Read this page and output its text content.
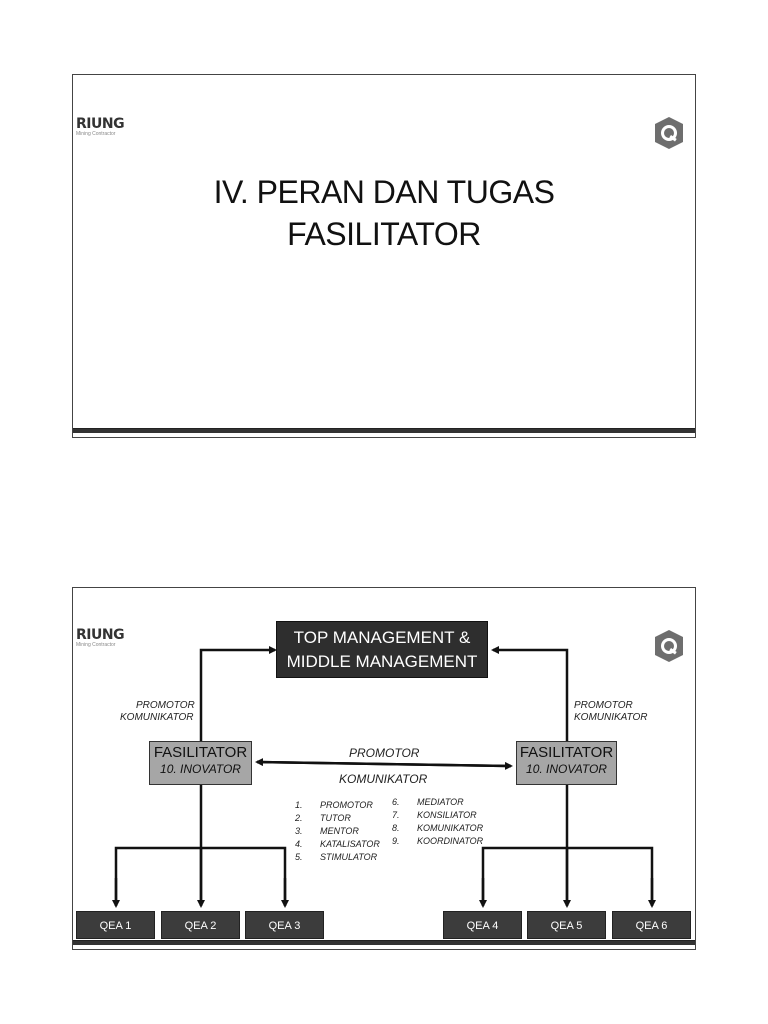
RIUNG
Mining Contractor
IV. PERAN DAN TUGAS
FASILITATOR
RIUNG
Mining Contractor	TOP MANAGEMENT &
MIDDLE MANAGEMENT
FASILITATOR
10. INOVATOR
FASILITATOR
10. INOVATOR
PROMOTOR
KOMUNIKATOR
PROMOTOR
KOMUNIKATOR
PROMOTOR
KOMUNIKATOR
1. PROMOTOR
2. TUTOR
3. MENTOR
4. KATALISATOR
5. STIMULATOR
6. MEDIATOR
7. KONSILIATOR
8. KOMUNIKATOR
9. KOORDINATOR
QEA 1	QEA 2	QEA 3	QEA 4	QEA 5	QEA 6
